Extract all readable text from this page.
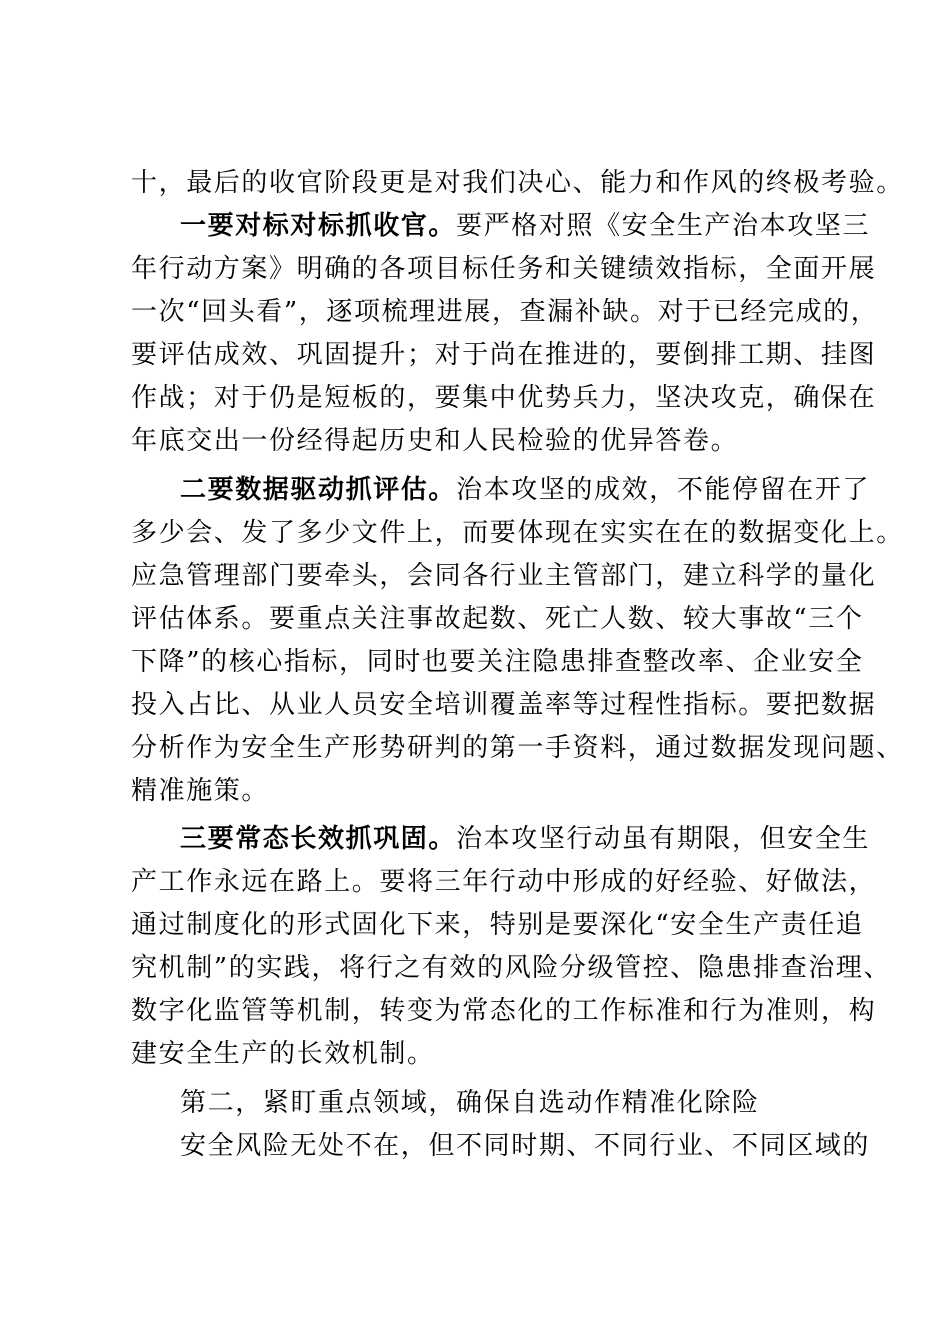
十，最后的收官阶段更是对我们决心、能力和作风的终极考验。
一要对标对标抓收官。要严格对照《安全生产治本攻坚三
年行动方案》明确的各项目标任务和关键绩效指标，全面开展
一次“回头看”，逐项梳理进展，查漏补缺。对于已经完成的，
要评估成效、巩固提升；对于尚在推进的，要倒排工期、挂图
作战；对于仍是短板的，要集中优势兵力，坚决攻克，确保在
年底交出一份经得起历史和人民检验的优异答卷。
二要数据驱动抓评估。治本攻坚的成效，不能停留在开了
多少会、发了多少文件上，而要体现在实实在在的数据变化上。
应急管理部门要牵头，会同各行业主管部门，建立科学的量化
评估体系。要重点关注事故起数、死亡人数、较大事故“三个
下降”的核心指标，同时也要关注隐患排查整改率、企业安全
投入占比、从业人员安全培训覆盖率等过程性指标。要把数据
分析作为安全生产形势研判的第一手资料，通过数据发现问题、
精准施策。
三要常态长效抓巩固。治本攻坚行动虽有期限，但安全生
产工作永远在路上。要将三年行动中形成的好经验、好做法，
通过制度化的形式固化下来，特别是要深化“安全生产责任追
究机制”的实践，将行之有效的风险分级管控、隐患排查治理、
数字化监管等机制，转变为常态化的工作标准和行为准则，构
建安全生产的长效机制。
第二，紧盯重点领域，确保自选动作精准化除险
安全风险无处不在，但不同时期、不同行业、不同区域的
